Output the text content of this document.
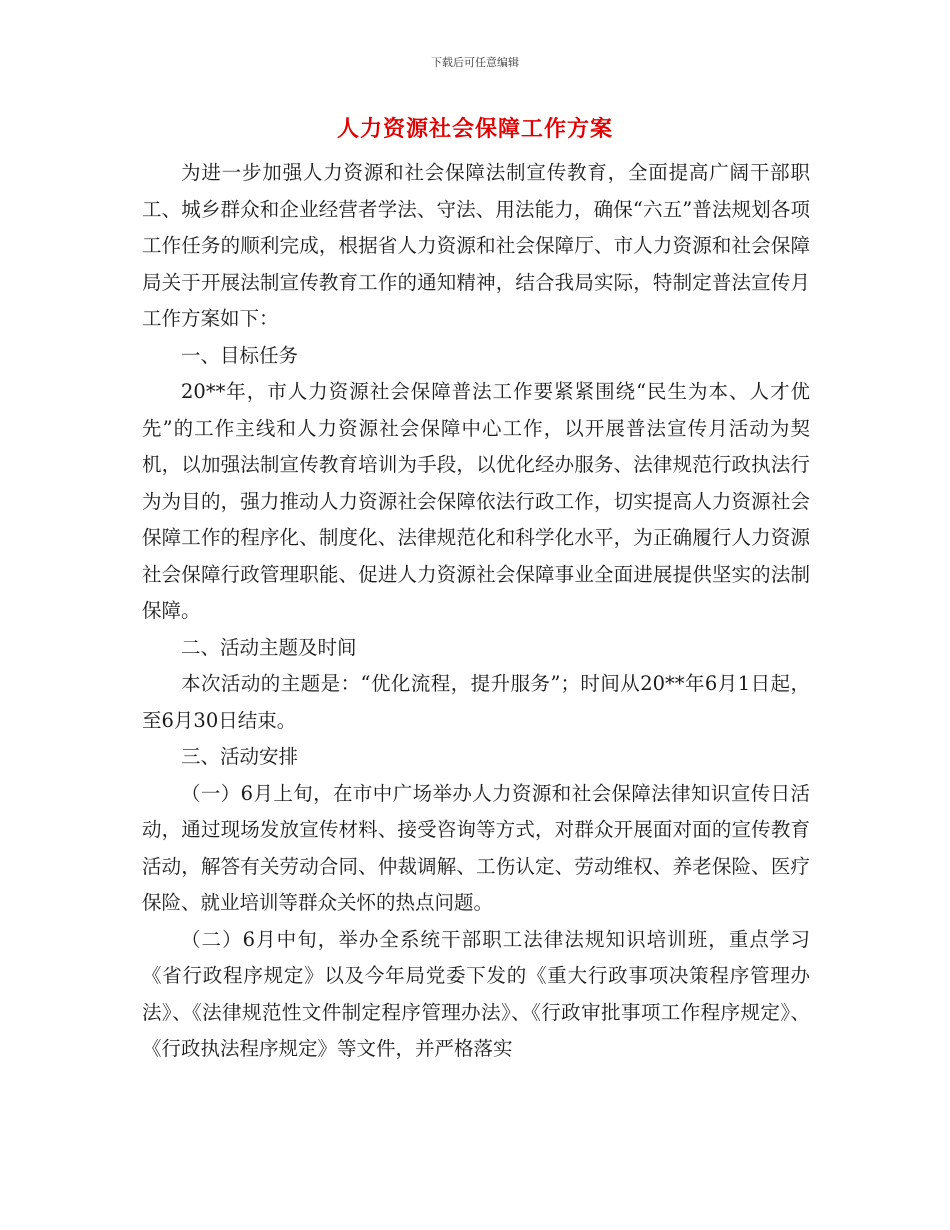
下载后可任意编辑
人力资源社会保障工作方案

为进一步加强人力资源和社会保障法制宣传教育，全面提高广阔干部职工、城乡群众和企业经营者学法、守法、用法能力，确保“六五”普法规划各项工作任务的顺利完成，根据省人力资源和社会保障厅、市人力资源和社会保障局关于开展法制宣传教育工作的通知精神，结合我局实际，特制定普法宣传月工作方案如下：

一、目标任务

20**年，市人力资源社会保障普法工作要紧紧围绕“民生为本、人才优先”的工作主线和人力资源社会保障中心工作，以开展普法宣传月活动为契机，以加强法制宣传教育培训为手段，以优化经办服务、法律规范行政执法行为为目的，强力推动人力资源社会保障依法行政工作，切实提高人力资源社会保障工作的程序化、制度化、法律规范化和科学化水平，为正确履行人力资源社会保障行政管理职能、促进人力资源社会保障事业全面进展提供坚实的法制保障。

二、活动主题及时间

本次活动的主题是：“优化流程，提升服务”；时间从20**年6月1日起，至6月30日结束。

三、活动安排

（一）6月上旬，在市中广场举办人力资源和社会保障法律知识宣传日活动，通过现场发放宣传材料、接受咨询等方式，对群众开展面对面的宣传教育活动，解答有关劳动合同、仲裁调解、工伤认定、劳动维权、养老保险、医疗保险、就业培训等群众关怀的热点问题。

（二）6月中旬，举办全系统干部职工法律法规知识培训班，重点学习《省行政程序规定》以及今年局党委下发的《重大行政事项决策程序管理办法》、《法律规范性文件制定程序管理办法》、《行政审批事项工作程序规定》、《行政执法程序规定》等文件，并严格落实
